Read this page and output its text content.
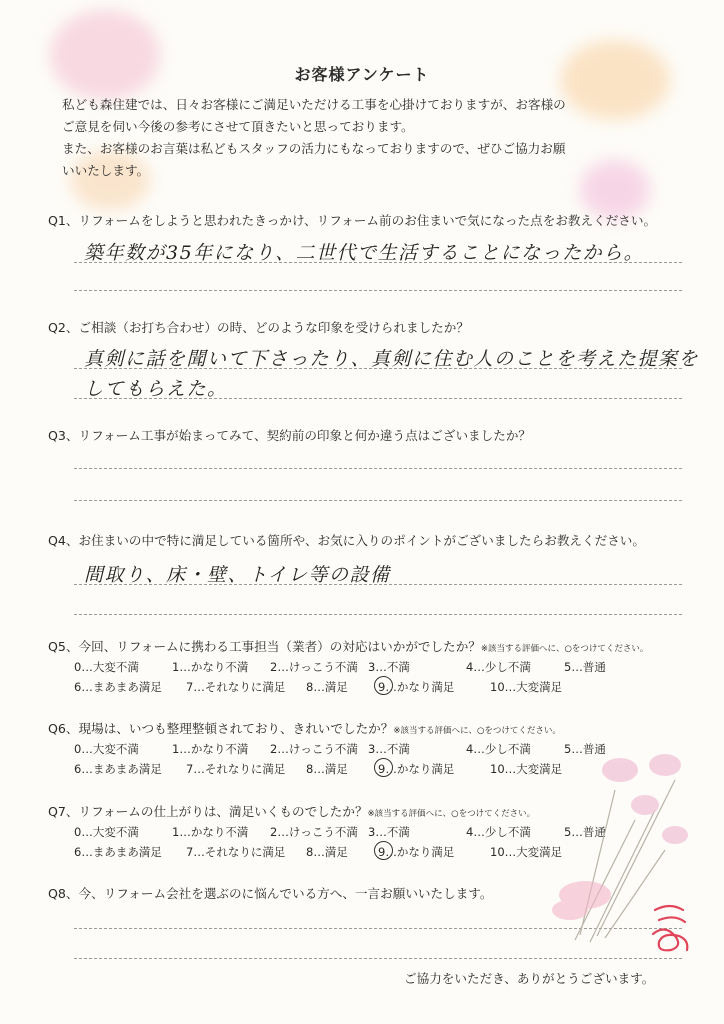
お客様アンケート

私ども森住建では、日々お客様にご満足いただける工事を心掛けておりますが、お客様の

ご意見を伺い今後の参考にさせて頂きたいと思っております。

また、お客様のお言葉は私どもスタッフの活力にもなっておりますので、ぜひご協力お願

いいたします。

Q1、リフォームをしようと思われたきっかけ、リフォーム前のお住まいで気になった点をお教えください。
築年数が35年になり、二世代で生活することになったから。
Q2、ご相談（お打ち合わせ）の時、どのような印象を受けられましたか？
真剣に話を聞いて下さったり、真剣に住む人のことを考えた提案を
してもらえた。
Q3、リフォーム工事が始まってみて、契約前の印象と何か違う点はございましたか？
Q4、お住まいの中で特に満足している箇所や、お気に入りのポイントがございましたらお教えください。
間取り、床・壁、トイレ等の設備
Q5、今回、リフォームに携わる工事担当（業者）の対応はいかがでしたか？※該当する評価へに、○をつけてください。
0…大変不満	1…かなり不満	2…けっこう不満 3…不満	4…少し不満	5…普通
6…まあまあ満足	7…それなりに満足	8…満足	9…かなり満足	10…大変満足
Q6、現場は、いつも整理整頓されており、きれいでしたか？※該当する評価へに、○をつけてください。
0…大変不満	1…かなり不満	2…けっこう不満 3…不満	4…少し不満	5…普通
6…まあまあ満足	7…それなりに満足	8…満足	9…かなり満足	10…大変満足
Q7、リフォームの仕上がりは、満足いくものでしたか？※該当する評価へに、○をつけてください。
0…大変不満	1…かなり不満	2…けっこう不満 3…不満	4…少し不満	5…普通
6…まあまあ満足	7…それなりに満足	8…満足	9…かなり満足	10…大変満足
Q8、今、リフォーム会社を選ぶのに悩んでいる方へ、一言お願いいたします。
ご協力をいただき、ありがとうございます。
